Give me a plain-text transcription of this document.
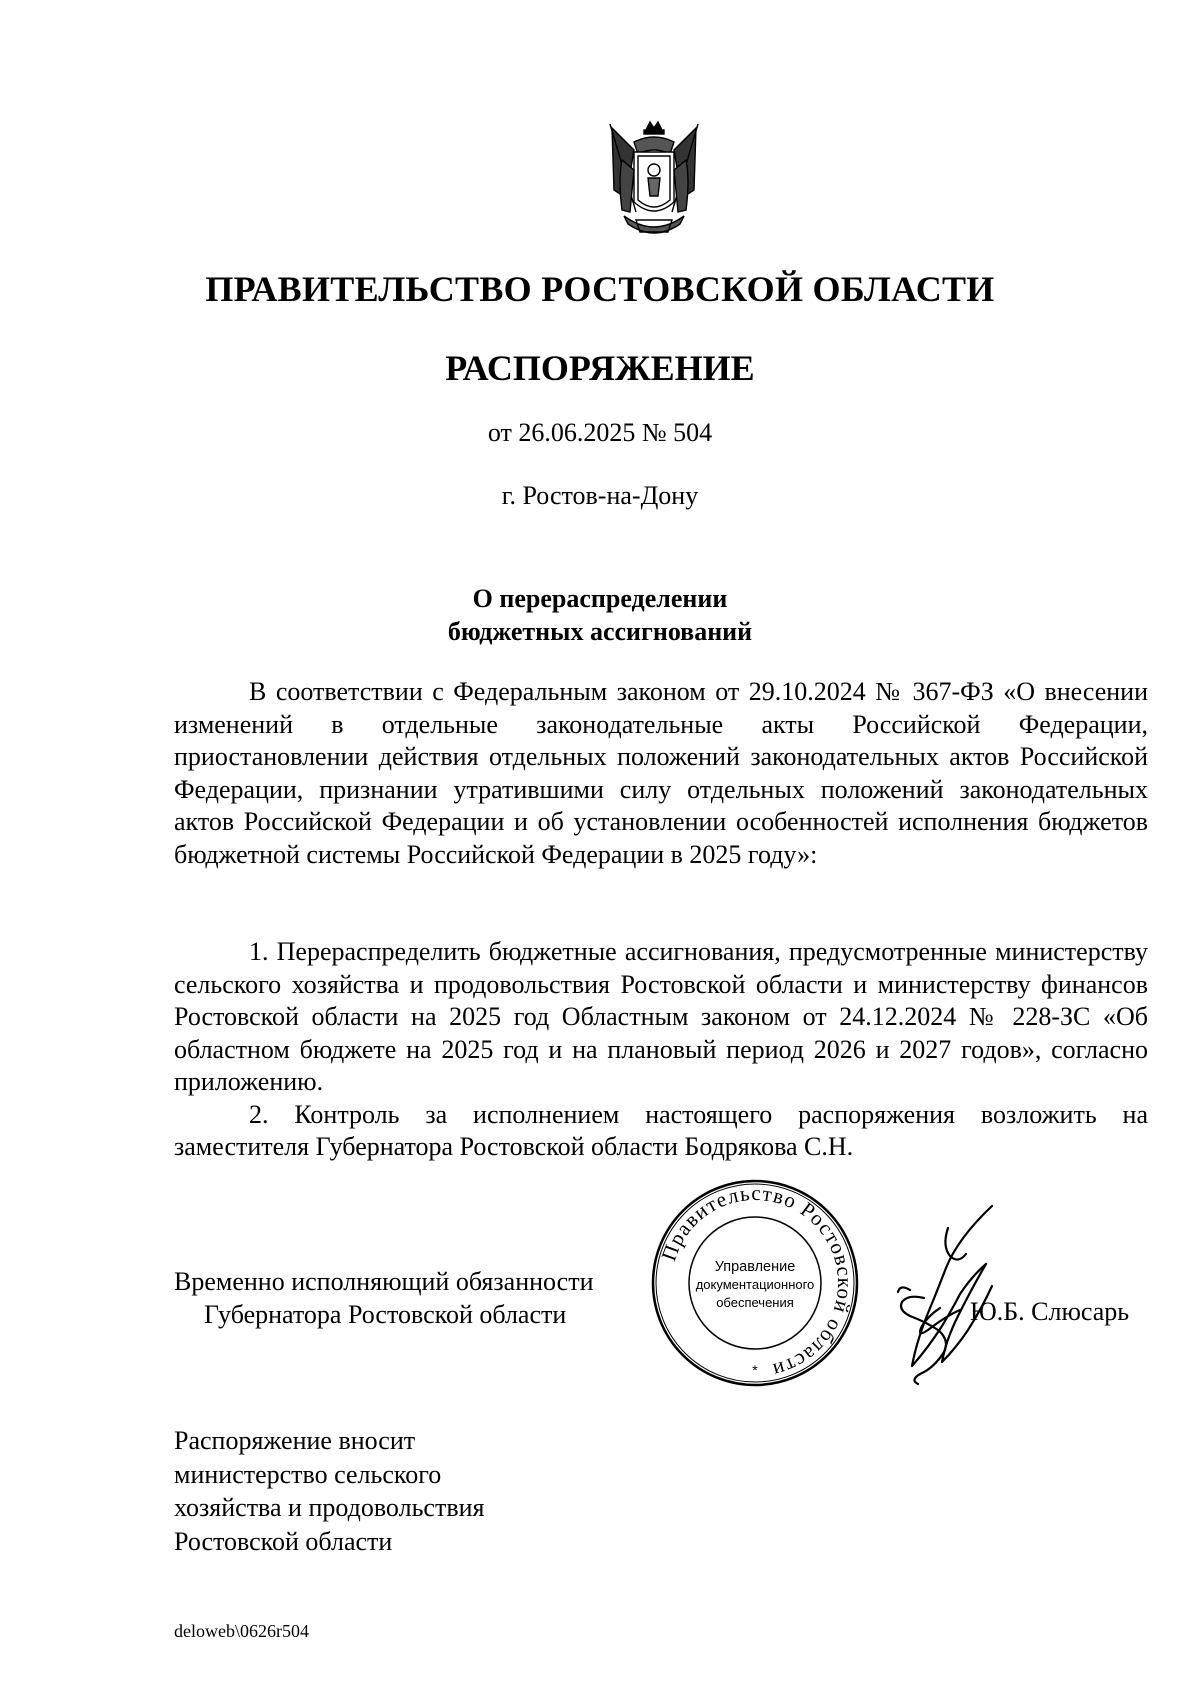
ПРАВИТЕЛЬСТВО РОСТОВСКОЙ ОБЛАСТИ
РАСПОРЯЖЕНИЕ
от 26.06.2025 № 504
г. Ростов-на-Дону
О перераспределении
бюджетных ассигнований

В соответствии с Федеральным законом от 29.10.2024 № 367-ФЗ «О внесении изменений в отдельные законодательные акты Российской Федерации, приостановлении действия отдельных положений законодательных актов Российской Федерации, признании утратившими силу отдельных положений законодательных актов Российской Федерации и об установлении особенностей исполнения бюджетов бюджетной системы Российской Федерации в 2025 году»:

1. Перераспределить бюджетные ассигнования, предусмотренные министерству сельского хозяйства и продовольствия Ростовской области и министерству финансов Ростовской области на 2025 год Областным законом от 24.12.2024 № 228-ЗС «Об областном бюджете на 2025 год и на плановый период 2026 и 2027 годов», согласно приложению.

2. Контроль за исполнением настоящего распоряжения возложить на заместителя Губернатора Ростовской области Бодрякова С.Н.

Временно исполняющий обязанности
Губернатора Ростовской области
Правительство Ростовской области
Управление
документационного
обеспечения
*
Ю.Б. Слюсарь
Распоряжение вносит
министерство сельского
хозяйства и продовольствия
Ростовской области
deloweb\0626r504
